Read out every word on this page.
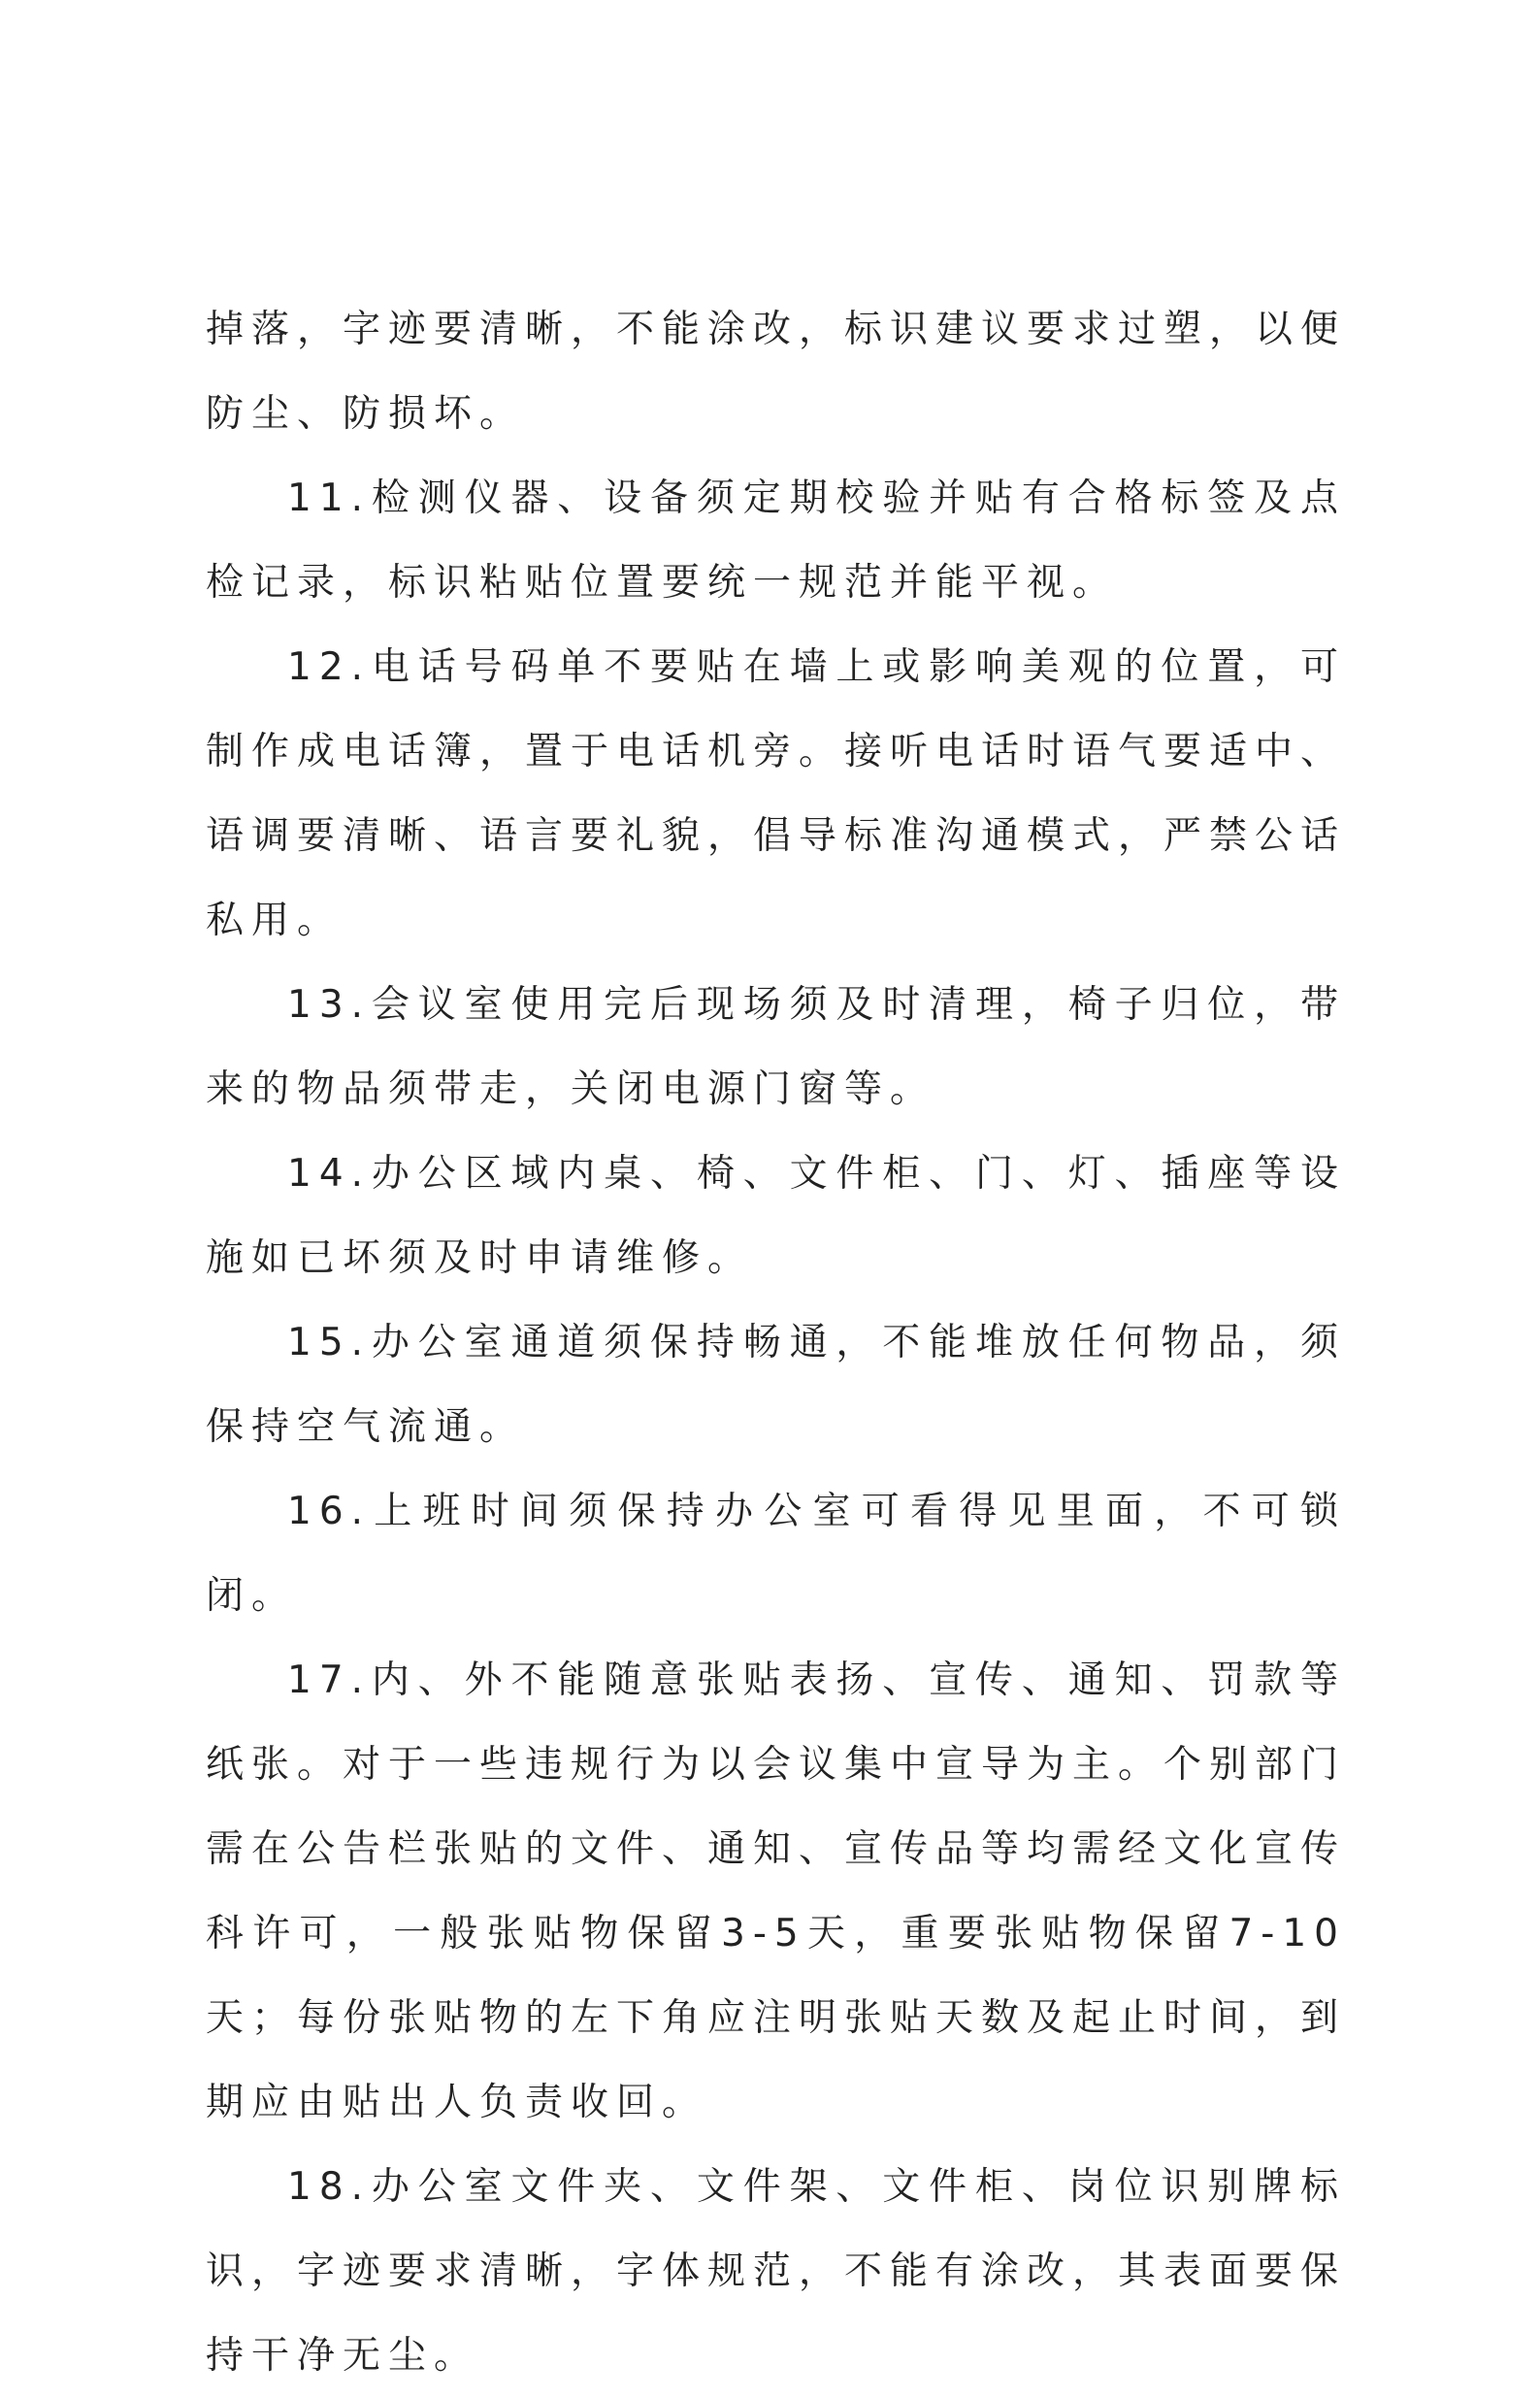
掉落，字迹要清晰，不能涂改，标识建议要求过塑，以便防尘、防损坏。

11.检测仪器、设备须定期校验并贴有合格标签及点检记录，标识粘贴位置要统一规范并能平视。

12.电话号码单不要贴在墙上或影响美观的位置，可制作成电话簿，置于电话机旁。接听电话时语气要适中、语调要清晰、语言要礼貌，倡导标准沟通模式，严禁公话私用。

13.会议室使用完后现场须及时清理，椅子归位，带来的物品须带走，关闭电源门窗等。

14.办公区域内桌、椅、文件柜、门、灯、插座等设施如已坏须及时申请维修。

15.办公室通道须保持畅通，不能堆放任何物品，须保持空气流通。

16.上班时间须保持办公室可看得见里面，不可锁闭。

17.内、外不能随意张贴表扬、宣传、通知、罚款等纸张。对于一些违规行为以会议集中宣导为主。个别部门需在公告栏张贴的文件、通知、宣传品等均需经文化宣传科许可，一般张贴物保留3-5天，重要张贴物保留7-10天；每份张贴物的左下角应注明张贴天数及起止时间，到期应由贴出人负责收回。

18.办公室文件夹、文件架、文件柜、岗位识别牌标识，字迹要求清晰，字体规范，不能有涂改，其表面要保持干净无尘。
